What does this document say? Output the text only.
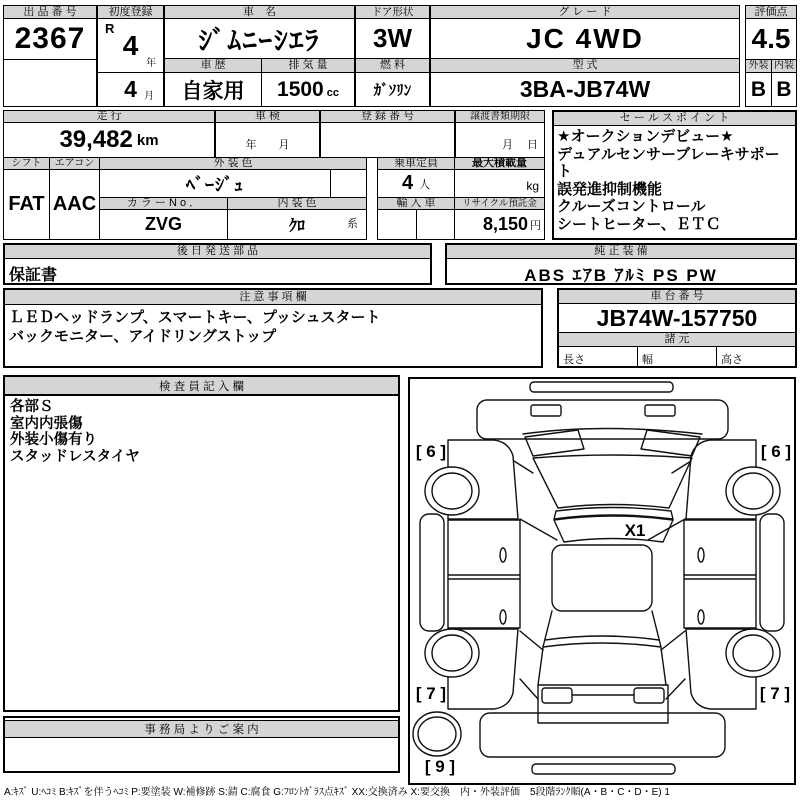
出 品 番 号
2367
初度登録
R
4
年
4 月
車　名
ｼﾞﾑﾆｰｼｴﾗ
車 歴
自家用
排 気 量
1500 cc
ドア形状
3W
燃 料
ｶﾞｿﾘﾝ
グ レ ー ド
JC 4WD
型 式
3BA-JB74W
評価点
4.5
外装 内装
B B
走 行
39,482 km
車 検
年　　月
登 録 番 号	譲渡書類期限
月　 日
シフト
FAT
エアコン
AAC
外 装 色
ﾍﾞｰｼﾞｭ
カ ラ ー N o ．	内 装 色
ZVG	ｸﾛ	系
乗車定員
4 人
最大積載量
kg
輸 入 車	リサイクル預託金
8,150 円
セ ー ル ス ポ イ ン ト
★オークションデビュー★
デュアルセンサーブレーキサポート
誤発進抑制機能
クルーズコントロール
シートヒーター、ＥＴＣ
後 日 発 送 部 品
保証書
純 正 装 備
ABS ｴｱB ｱﾙﾐ PS PW
注 意 事 項 欄
ＬＥＤヘッドランプ、スマートキー、プッシュスタート
バックモニター、アイドリングストップ
車 台 番 号
JB74W-157750
諸 元
長さ	幅	高さ
検 査 員 記 入 欄
各部Ｓ
室内内張傷
外装小傷有り
スタッドレスタイヤ
事 務 局 よ り ご 案 内
[ 6 ]	[ 6 ]
X1
[ 7 ]	[ 7 ]
[ 9 ]
A:ｷｽﾞ U:ﾍｺﾐ B:ｷｽﾞを伴うﾍｺﾐ P:要塗装 W:補修跡 S:錆 C:腐食 G:ﾌﾛﾝﾄｶﾞﾗｽ点ｷｽﾞ XX:交換済み X:要交換　内・外装評価　5段階ﾗﾝｸ順(A・B・C・D・E) 1
